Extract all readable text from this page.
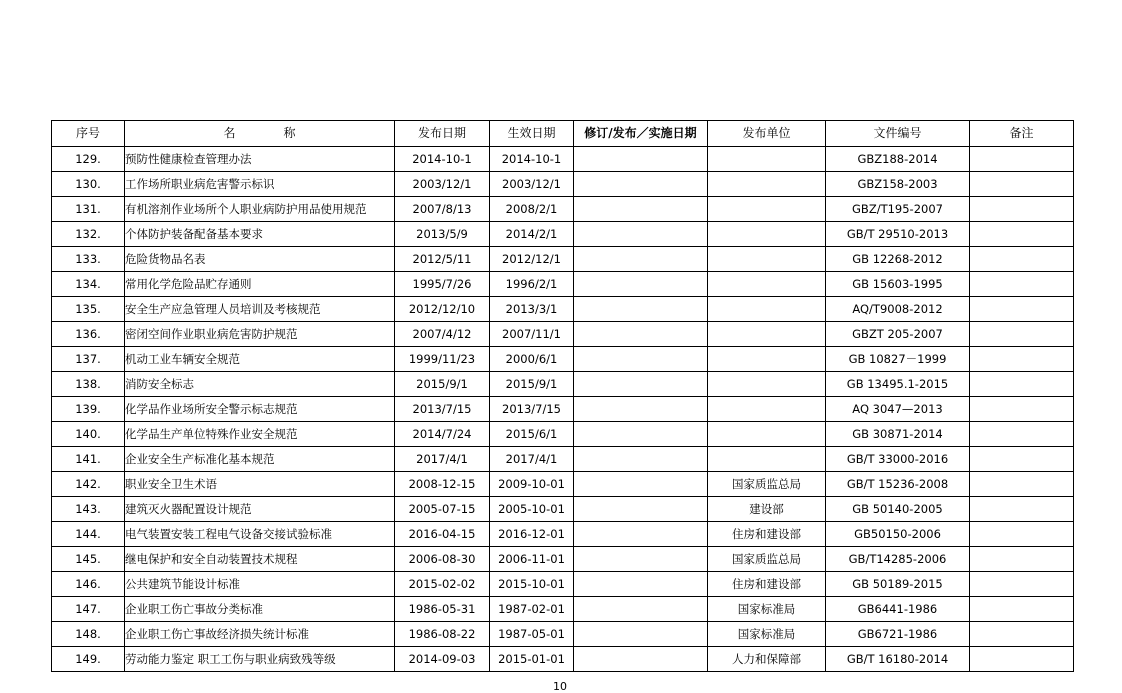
序号	名　　　　称	发布日期	生效日期	修订/发布／实施日期	发布单位	文件编号	备注
129.	预防性健康检查管理办法	2014-10-1	2014-10-1			GBZ188-2014	
130.	工作场所职业病危害警示标识	2003/12/1	2003/12/1			GBZ158-2003	
131.	有机溶剂作业场所个人职业病防护用品使用规范	2007/8/13	2008/2/1			GBZ/T195-2007	
132.	个体防护装备配备基本要求	2013/5/9	2014/2/1			GB/T 29510-2013	
133.	危险货物品名表	2012/5/11	2012/12/1			GB 12268-2012	
134.	常用化学危险品贮存通则	1995/7/26	1996/2/1			GB 15603-1995	
135.	安全生产应急管理人员培训及考核规范	2012/12/10	2013/3/1			AQ/T9008-2012	
136.	密闭空间作业职业病危害防护规范	2007/4/12	2007/11/1			GBZT 205-2007	
137.	机动工业车辆安全规范	1999/11/23	2000/6/1			GB 10827－1999	
138.	消防安全标志	2015/9/1	2015/9/1			GB 13495.1-2015	
139.	化学品作业场所安全警示标志规范	2013/7/15	2013/7/15			AQ 3047—2013	
140.	化学品生产单位特殊作业安全规范	2014/7/24	2015/6/1			GB 30871-2014	
141.	企业安全生产标准化基本规范	2017/4/1	2017/4/1			GB/T 33000-2016	
142.	职业安全卫生术语	2008-12-15	2009-10-01		国家质监总局	GB/T 15236-2008	
143.	建筑灭火器配置设计规范	2005-07-15	2005-10-01		建设部	GB 50140-2005	
144.	电气装置安装工程电气设备交接试验标准	2016-04-15	2016-12-01		住房和建设部	GB50150-2006	
145.	继电保护和安全自动装置技术规程	2006-08-30	2006-11-01		国家质监总局	GB/T14285-2006	
146.	公共建筑节能设计标准	2015-02-02	2015-10-01		住房和建设部	GB 50189-2015	
147.	企业职工伤亡事故分类标准	1986-05-31	1987-02-01		国家标准局	GB6441-1986	
148.	企业职工伤亡事故经济损失统计标准	1986-08-22	1987-05-01		国家标准局	GB6721-1986	
149.	劳动能力鉴定 职工工伤与职业病致残等级	2014-09-03	2015-01-01		人力和保障部	GB/T 16180-2014	
10
